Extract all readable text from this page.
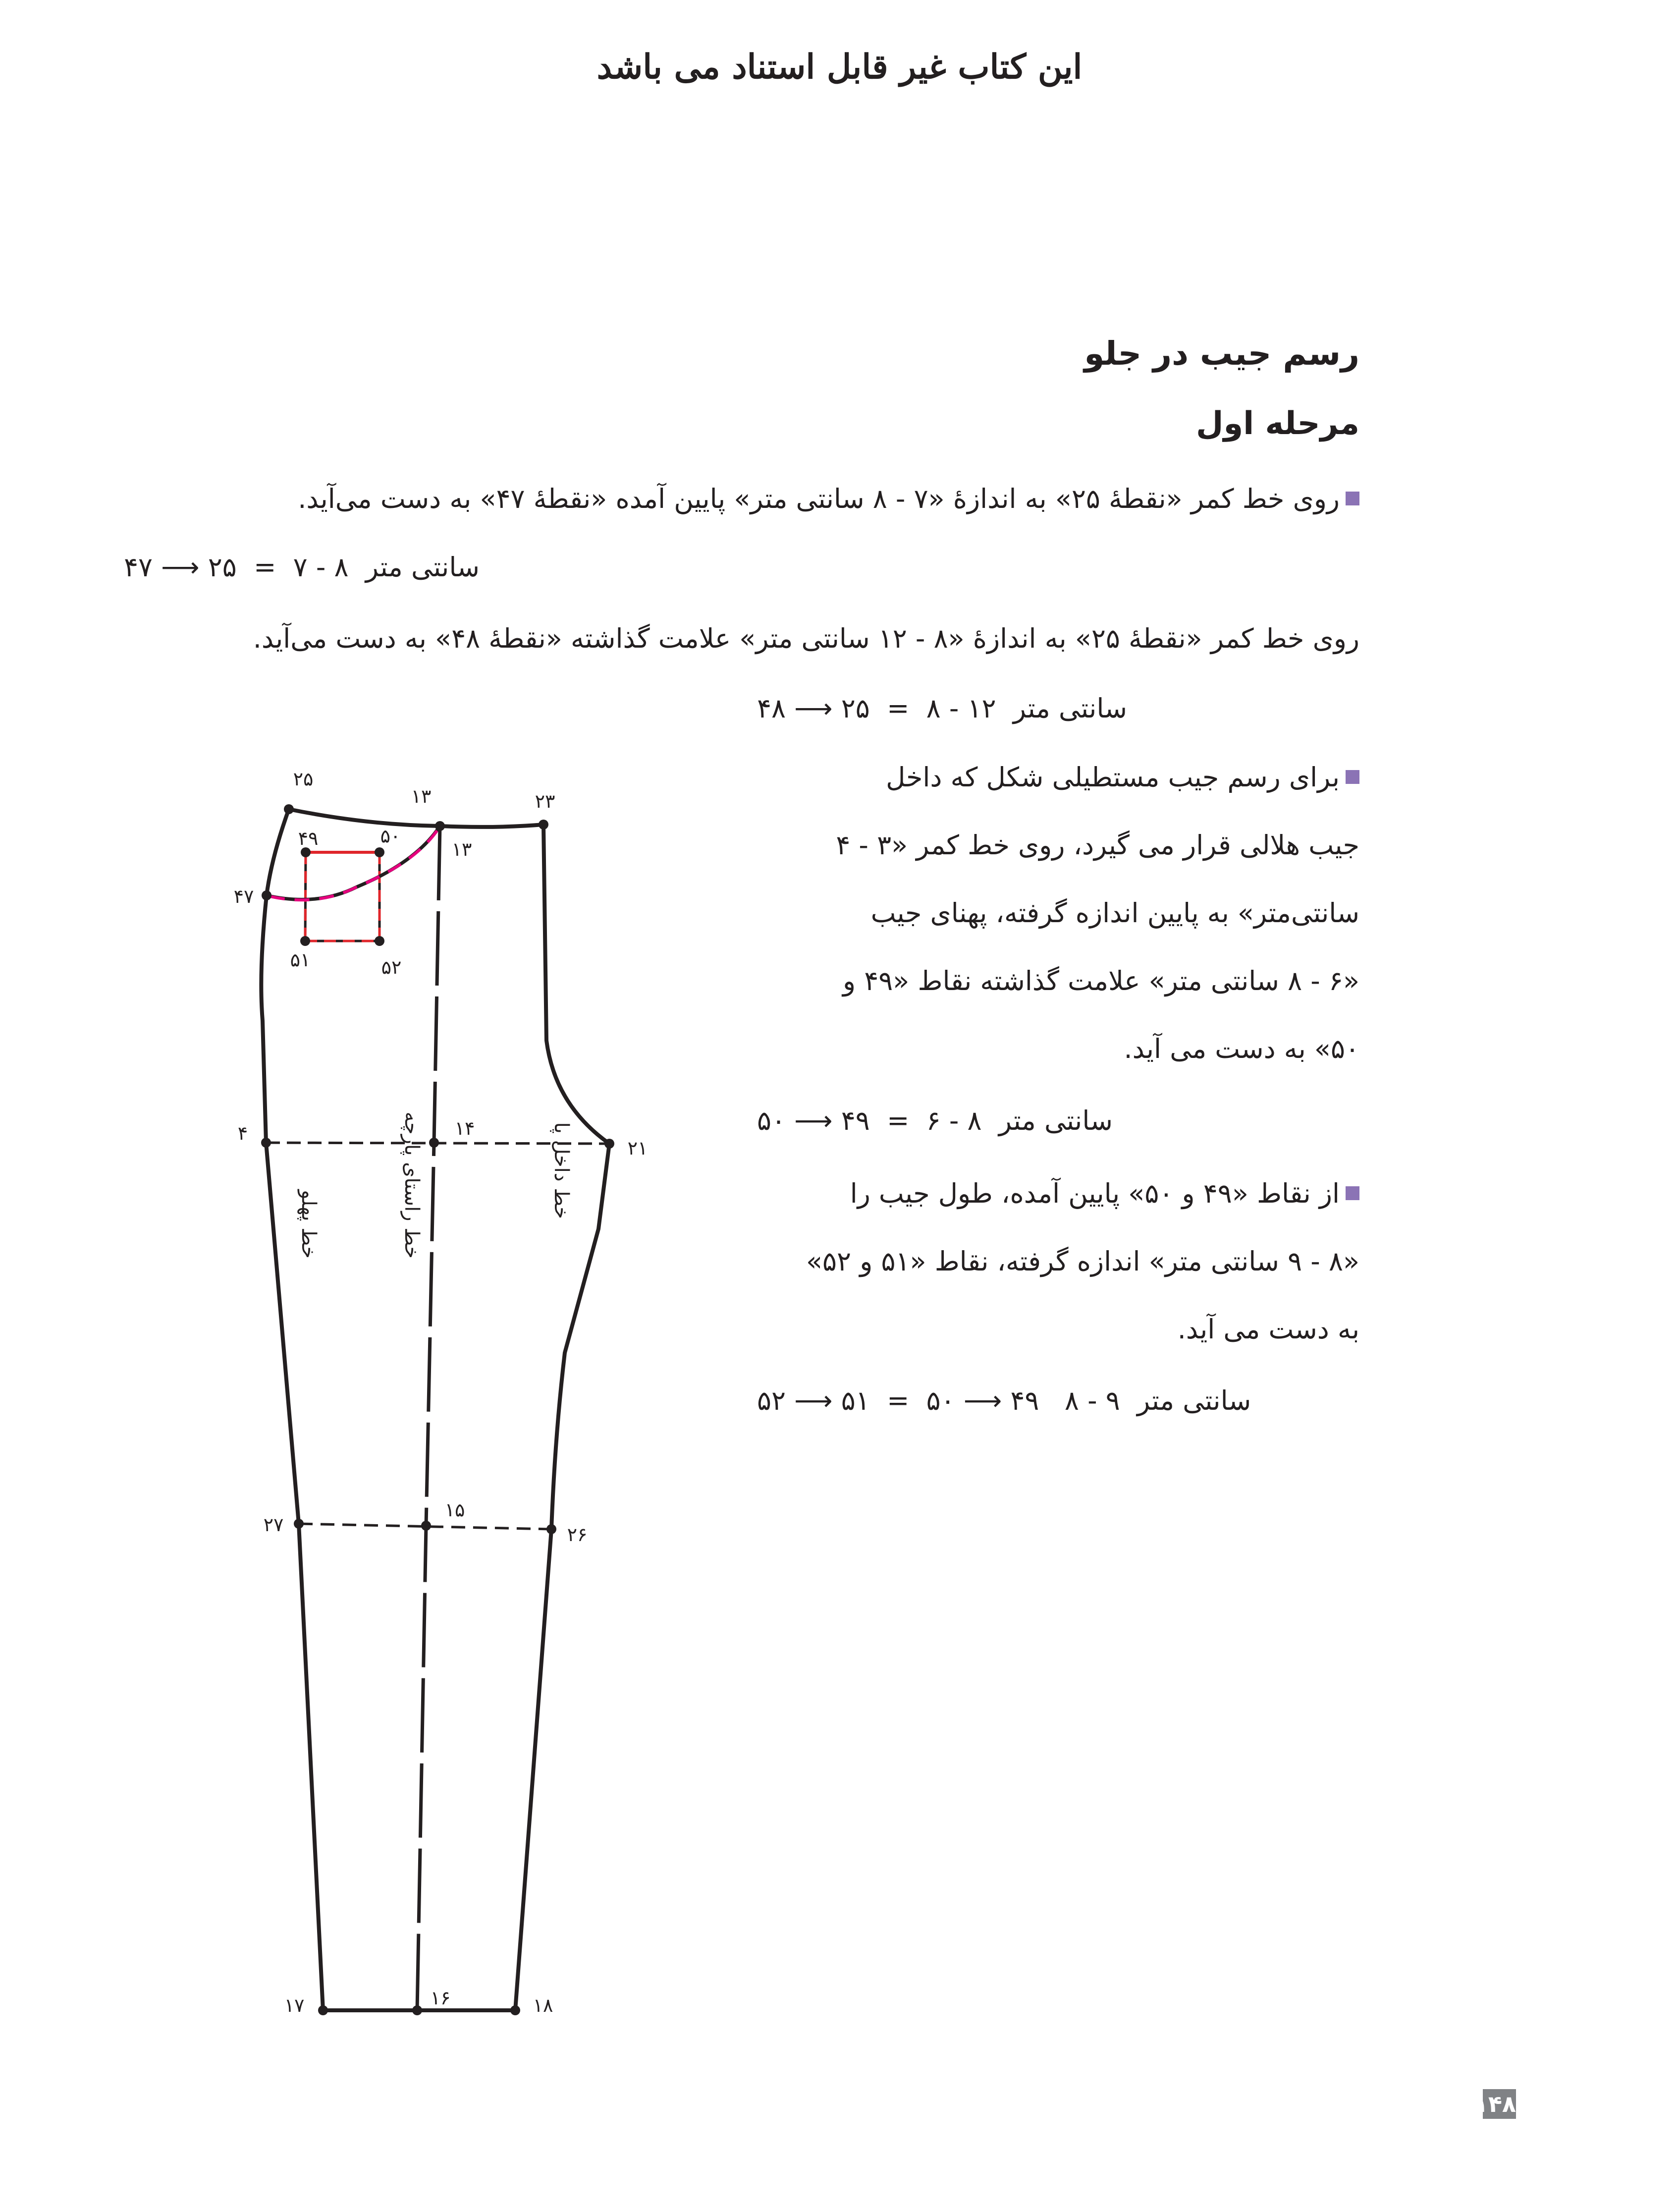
این کتاب غیر قابل استناد می باشد
رسم جیب در جلو
مرحله اول
روی خط کمر «نقطهٔ ۲۵» به اندازهٔ «۷ - ۸ سانتی متر» پایین آمده «نقطهٔ ۴۷» به دست می‌آید.
۴۷ ⟶ ۲۵  =  ۷ - ۸  سانتی متر
روی خط کمر «نقطهٔ ۲۵» به اندازهٔ «۸ - ۱۲ سانتی متر» علامت گذاشته «نقطهٔ ۴۸» به دست می‌آید.
۴۸ ⟶ ۲۵  =  ۸ - ۱۲  سانتی متر

برای رسم جیب مستطیلی شکل که داخل

جیب هلالی قرار می گیرد، روی خط کمر «۳ - ۴

سانتی‌متر» به پایین اندازه گرفته، پهنای جیب

«۶ - ۸ سانتی متر» علامت گذاشته نقاط «۴۹ و

۵۰» به دست می آید.

۵۰ ⟶ ۴۹  =  ۶ - ۸  سانتی متر

از نقاط «۴۹ و ۵۰» پایین آمده، طول جیب را

«۸ - ۹ سانتی متر» اندازه گرفته، نقاط «۵۱ و ۵۲»

به دست می آید.

۵۲ ⟶ ۵۱  =  ۵۰ ⟶ ۴۹   ۸ - ۹  سانتی متر
۲۵
۱۳	۲۳
۱۳
۴۷
۴۹	۵۰
۵۱	۵۲
۴	۱۴
۲۱
۲۷
۱۵
۲۶
۱۷	۱۶	۱۸
خط پهلو	خط راستای پارچه	خط داخل پا
۱۴۸
